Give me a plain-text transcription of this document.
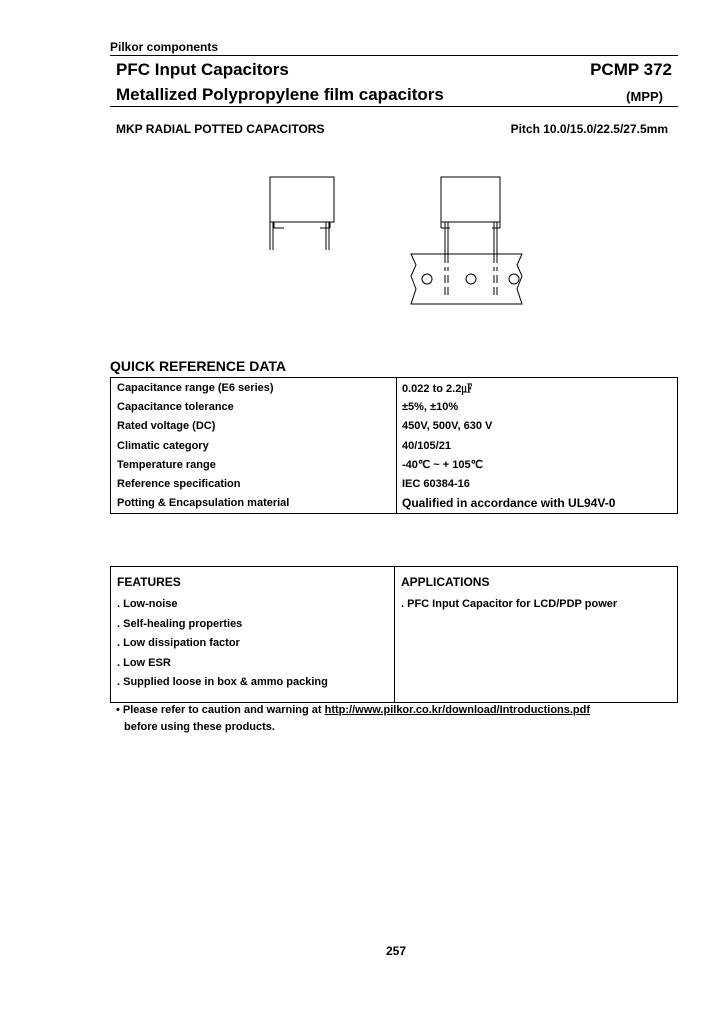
Pilkor components
PFC Input Capacitors	PCMP 372
Metallized Polypropylene film capacitors	(MPP)
MKP RADIAL POTTED CAPACITORS	Pitch 10.0/15.0/22.5/27.5mm
QUICK REFERENCE DATA
Capacitance range (E6 series)	0.022 to 2.2㎌
Capacitance tolerance	±5%, ±10%
Rated voltage (DC)	450V, 500V, 630 V
Climatic category	40/105/21
Temperature range	-40℃ ~ + 105℃
Reference specification	IEC 60384-16
Potting & Encapsulation material	Qualified in accordance with UL94V-0
FEATURES
. Low-noise
. Self-healing properties
. Low dissipation factor
. Low ESR
. Supplied loose in box & ammo packing

APPLICATIONS
. PFC Input Capacitor for LCD/PDP power
• Please refer to caution and warning at http://www.pilkor.co.kr/download/Introductions.pdf
before using these products.
257
